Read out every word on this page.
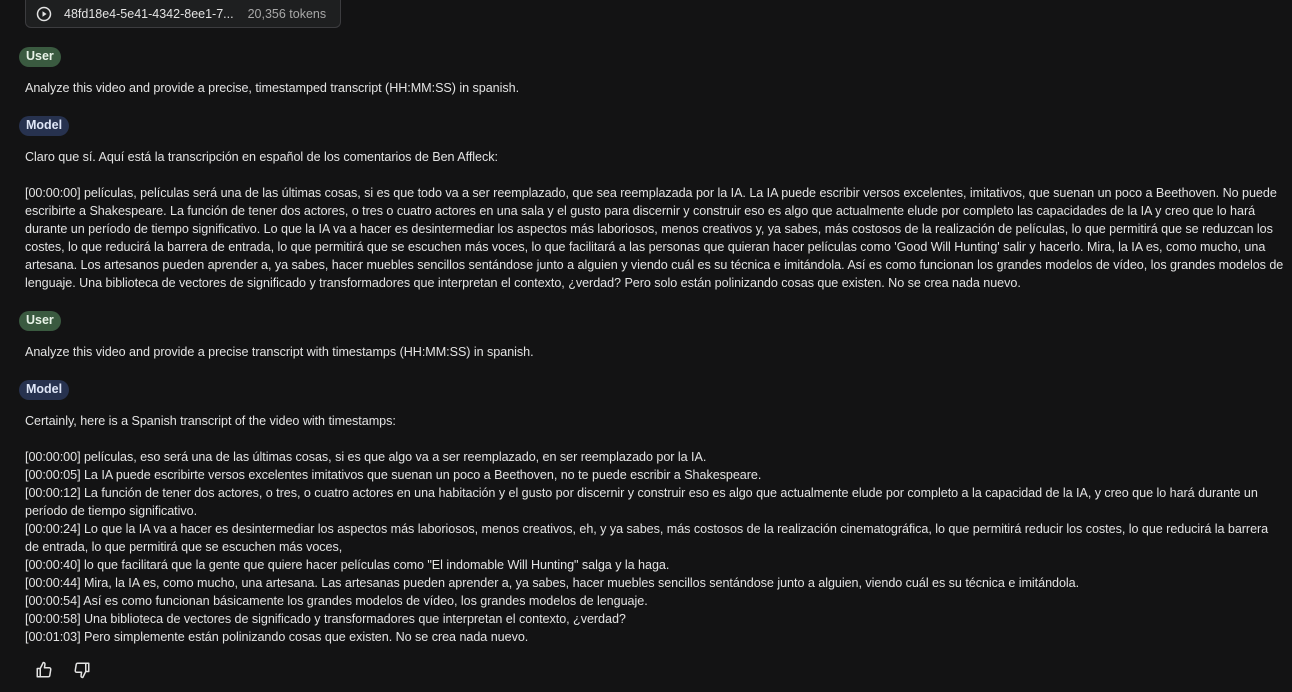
48fd18e4-5e41-4342-8ee1-7... 20,356 tokens
User

Analyze this video and provide a precise, timestamped transcript (HH:MM:SS) in spanish.

Model

Claro que sí. Aquí está la transcripción en español de los comentarios de Ben Affleck:

[00:00:00] películas, películas será una de las últimas cosas, si es que todo va a ser reemplazado, que sea reemplazada por la IA. La IA puede escribir versos excelentes, imitativos, que suenan un poco a Beethoven. No puede escribirte a Shakespeare. La función de tener dos actores, o tres o cuatro actores en una sala y el gusto para discernir y construir eso es algo que actualmente elude por completo las capacidades de la IA y creo que lo hará durante un período de tiempo significativo. Lo que la IA va a hacer es desintermediar los aspectos más laboriosos, menos creativos y, ya sabes, más costosos de la realización de películas, lo que permitirá que se reduzcan los costes, lo que reducirá la barrera de entrada, lo que permitirá que se escuchen más voces, lo que facilitará a las personas que quieran hacer películas como 'Good Will Hunting' salir y hacerlo. Mira, la IA es, como mucho, una artesana. Los artesanos pueden aprender a, ya sabes, hacer muebles sencillos sentándose junto a alguien y viendo cuál es su técnica e imitándola. Así es como funcionan los grandes modelos de vídeo, los grandes modelos de lenguaje. Una biblioteca de vectores de significado y transformadores que interpretan el contexto, ¿verdad? Pero solo están polinizando cosas que existen. No se crea nada nuevo.

User

Analyze this video and provide a precise transcript with timestamps (HH:MM:SS) in spanish.

Model

Certainly, here is a Spanish transcript of the video with timestamps:

[00:00:00] películas, eso será una de las últimas cosas, si es que algo va a ser reemplazado, en ser reemplazado por la IA.

[00:00:05] La IA puede escribirte versos excelentes imitativos que suenan un poco a Beethoven, no te puede escribir a Shakespeare.

[00:00:12] La función de tener dos actores, o tres, o cuatro actores en una habitación y el gusto por discernir y construir eso es algo que actualmente elude por completo a la capacidad de la IA, y creo que lo hará durante un período de tiempo significativo.

[00:00:24] Lo que la IA va a hacer es desintermediar los aspectos más laboriosos, menos creativos, eh, y ya sabes, más costosos de la realización cinematográfica, lo que permitirá reducir los costes, lo que reducirá la barrera de entrada, lo que permitirá que se escuchen más voces,

[00:00:40] lo que facilitará que la gente que quiere hacer películas como "El indomable Will Hunting" salga y la haga.

[00:00:44] Mira, la IA es, como mucho, una artesana. Las artesanas pueden aprender a, ya sabes, hacer muebles sencillos sentándose junto a alguien, viendo cuál es su técnica e imitándola.

[00:00:54] Así es como funcionan básicamente los grandes modelos de vídeo, los grandes modelos de lenguaje.

[00:00:58] Una biblioteca de vectores de significado y transformadores que interpretan el contexto, ¿verdad?

[00:01:03] Pero simplemente están polinizando cosas que existen. No se crea nada nuevo.
